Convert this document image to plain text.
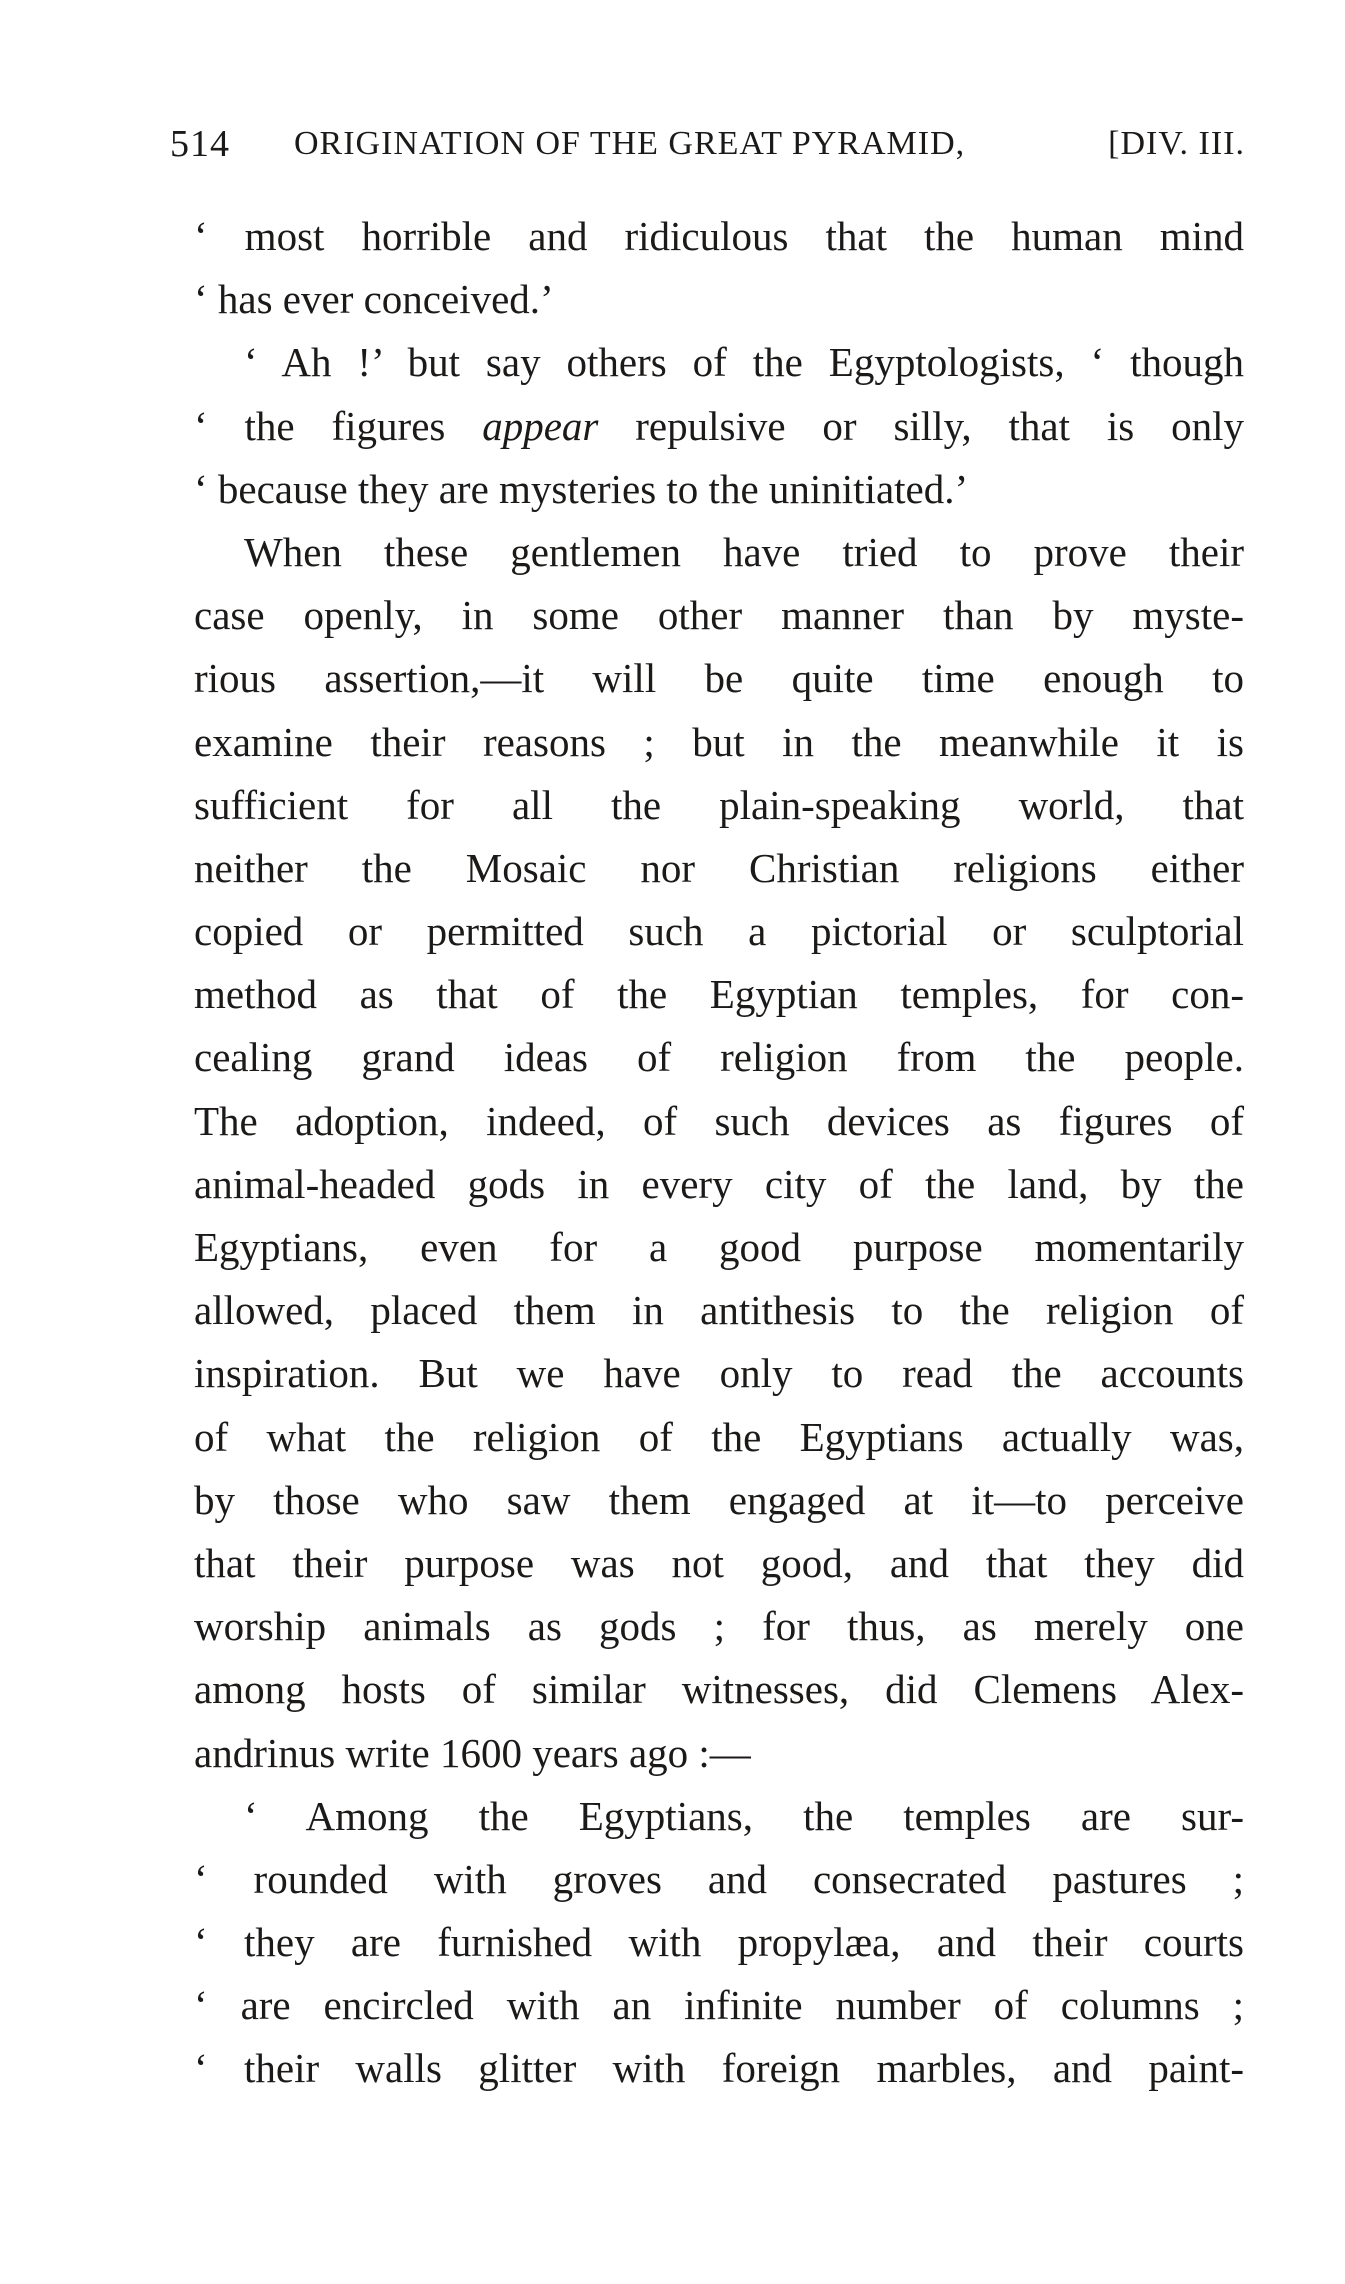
514 ORIGINATION OF THE GREAT PYRAMID,	[DIV. III.
‘ most horrible and ridiculous that the human mind
‘ has ever conceived.’
‘ Ah !’ but say others of the Egyptologists, ‘ though
‘ the figures appear repulsive or silly, that is only
‘ because they are mysteries to the uninitiated.’
When these gentlemen have tried to prove their
case openly, in some other manner than by myste-
rious assertion,—it will be quite time enough to
examine their reasons ; but in the meanwhile it is
sufficient for all the plain-speaking world, that
neither the Mosaic nor Christian religions either
copied or permitted such a pictorial or sculptorial
method as that of the Egyptian temples, for con-
cealing grand ideas of religion from the people.
The adoption, indeed, of such devices as figures of
animal-headed gods in every city of the land, by the
Egyptians, even for a good purpose momentarily
allowed, placed them in antithesis to the religion of
inspiration. But we have only to read the accounts
of what the religion of the Egyptians actually was,
by those who saw them engaged at it—to perceive
that their purpose was not good, and that they did
worship animals as gods ; for thus, as merely one
among hosts of similar witnesses, did Clemens Alex-
andrinus write 1600 years ago :—
‘ Among the Egyptians, the temples are sur-
‘ rounded with groves and consecrated pastures ;
‘ they are furnished with propylæa, and their courts
‘ are encircled with an infinite number of columns ;
‘ their walls glitter with foreign marbles, and paint-
